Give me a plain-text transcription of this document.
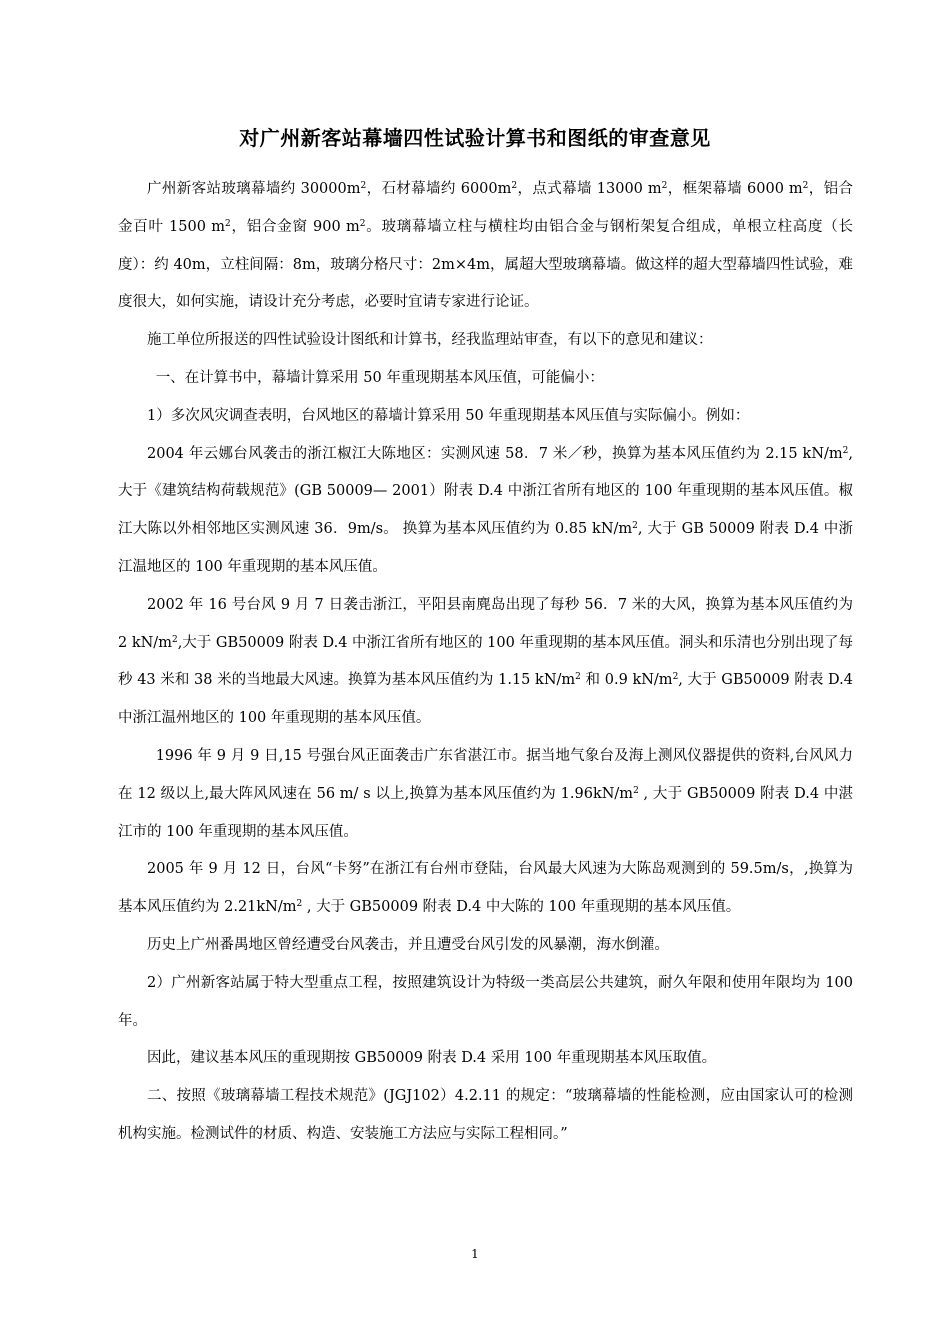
对广州新客站幕墙四性试验计算书和图纸的审查意见

广州新客站玻璃幕墙约 $30000m^2$，石材幕墙约 $6000m^2$，点式幕墙 13000 $m^2$，框架幕墙 6000 $m^2$，铝合金百叶 1500 $m^2$，铝合金窗 900 $m^2$。玻璃幕墙立柱与横柱均由铝合金与钢桁架复合组成，单根立柱高度（长度）：约 40m，立柱间隔：8m，玻璃分格尺寸：2m×4m，属超大型玻璃幕墙。做这样的超大型幕墙四性试验，难度很大，如何实施，请设计充分考虑，必要时宜请专家进行论证。

施工单位所报送的四性试验设计图纸和计算书，经我监理站审查，有以下的意见和建议：

一、在计算书中，幕墙计算采用 50 年重现期基本风压值，可能偏小：

1）多次风灾调查表明，台风地区的幕墙计算采用 50 年重现期基本风压值与实际偏小。例如：

2004 年云娜台风袭击的浙江椒江大陈地区：实测风速 58．7 米／秒，换算为基本风压值约为 2.15 $kN/m^2$,大于《建筑结构荷载规范》(GB 50009— 2001）附表 D.4 中浙江省所有地区的 100 年重现期的基本风压值。椒江大陈以外相邻地区实测风速 36．9m/s。 换算为基本风压值约为 0.85 $kN/m^2$, 大于 GB 50009 附表 D.4 中浙江温地区的 100 年重现期的基本风压值。

2002 年 16 号台风 9 月 7 日袭击浙江，平阳县南麂岛出现了每秒 56．7 米的大风，换算为基本风压值约为 2 $kN/m^2$,大于 GB50009 附表 D.4 中浙江省所有地区的 100 年重现期的基本风压值。洞头和乐清也分别出现了每秒 43 米和 38 米的当地最大风速。换算为基本风压值约为 1.15 $kN/m^2$ 和 0.9 $kN/m^2$, 大于 GB50009 附表 D.4 中浙江温州地区的 100 年重现期的基本风压值。

1996 年 9 月 9 日,15 号强台风正面袭击广东省湛江市。据当地气象台及海上测风仪器提供的资料,台风风力在 12 级以上,最大阵风风速在 56 m/ s 以上,换算为基本风压值约为 $1.96kN/m^2$ , 大于 GB50009 附表 D.4 中湛江市的 100 年重现期的基本风压值。

2005 年 9 月 12 日，台风“卡努”在浙江有台州市登陆，台风最大风速为大陈岛观测到的 59.5m/s，,换算为基本风压值约为 $2.21kN/m^2$ , 大于 GB50009 附表 D.4 中大陈的 100 年重现期的基本风压值。

历史上广州番禺地区曾经遭受台风袭击，并且遭受台风引发的风暴潮，海水倒灌。

2）广州新客站属于特大型重点工程，按照建筑设计为特级一类高层公共建筑，耐久年限和使用年限均为 100 年。

因此，建议基本风压的重现期按 GB50009 附表 D.4 采用 100 年重现期基本风压取值。

二、按照《玻璃幕墙工程技术规范》(JGJ102）4.2.11 的规定：“玻璃幕墙的性能检测，应由国家认可的检测机构实施。检测试件的材质、构造、安装施工方法应与实际工程相同。”

1
